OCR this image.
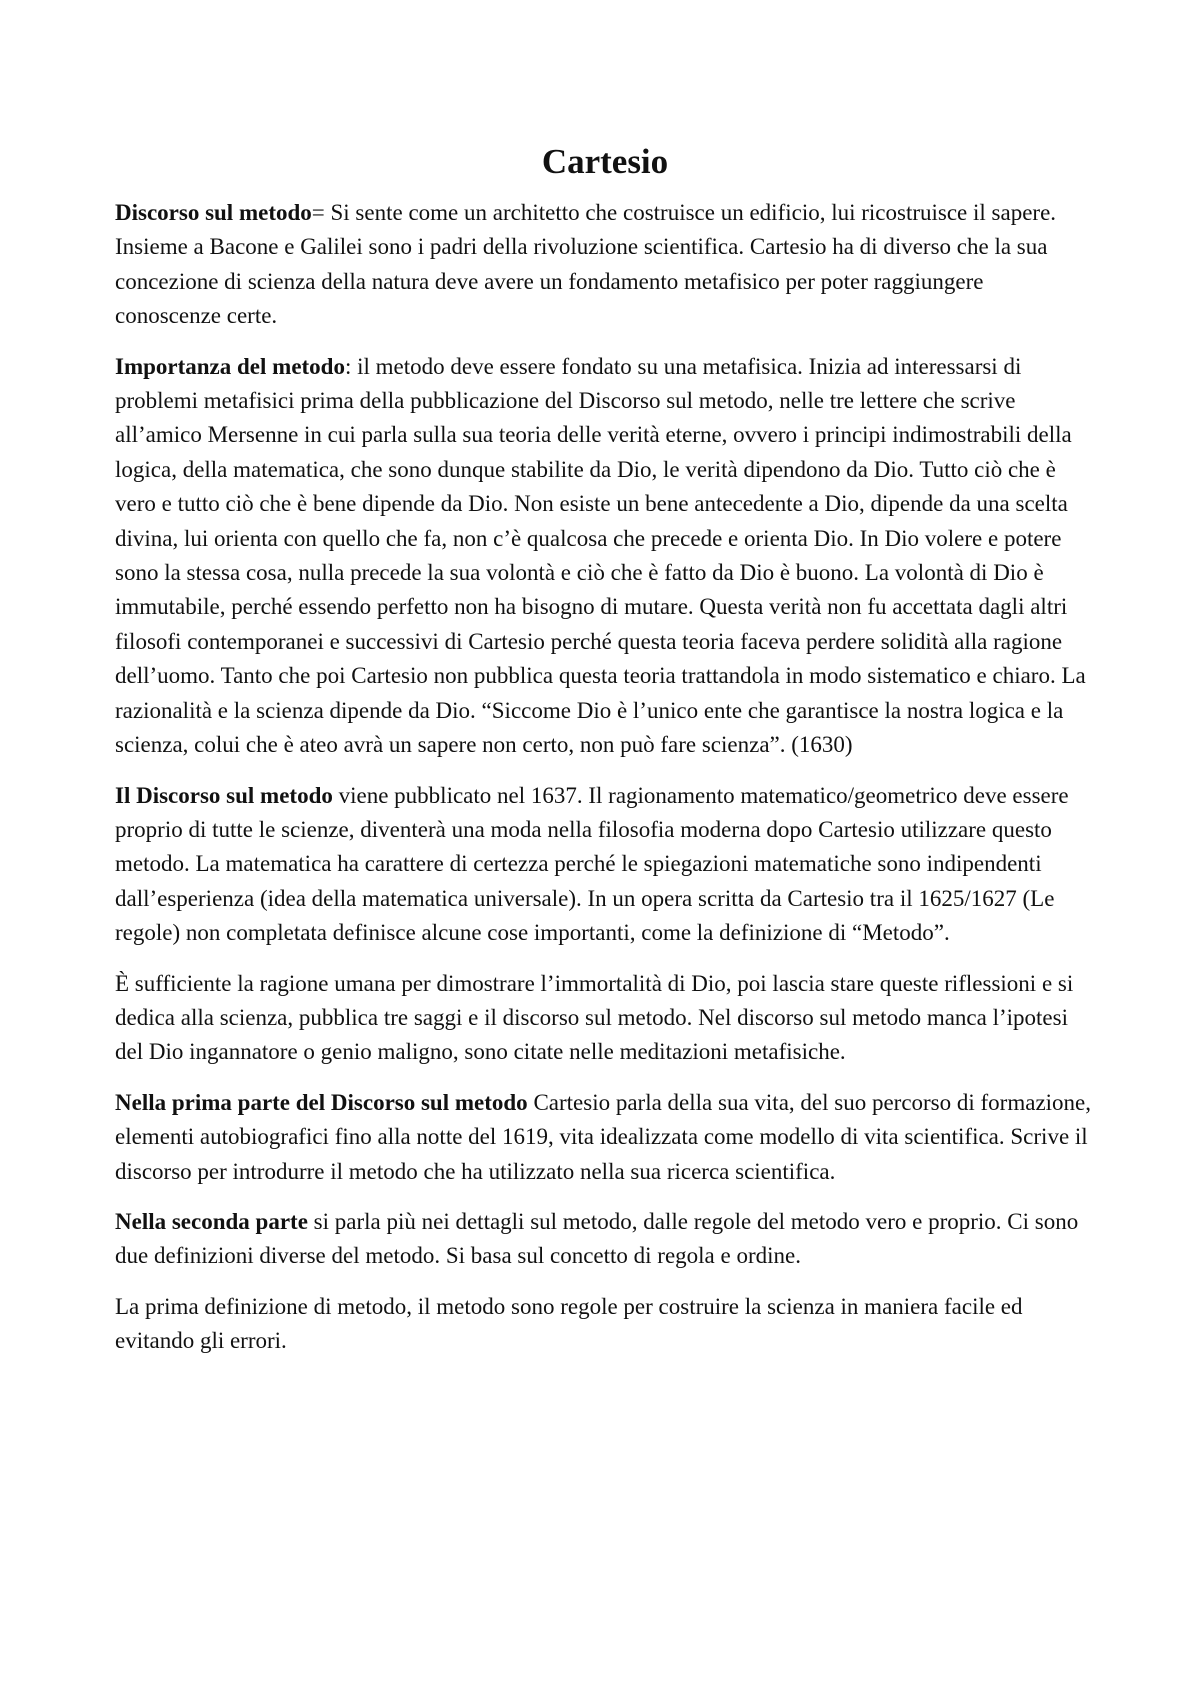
Cartesio

Discorso sul metodo= Si sente come un architetto che costruisce un edificio, lui ricostruisce il sapere. Insieme a Bacone e Galilei sono i padri della rivoluzione scientifica. Cartesio ha di diverso che la sua concezione di scienza della natura deve avere un fondamento metafisico per poter raggiungere conoscenze certe.

Importanza del metodo: il metodo deve essere fondato su una metafisica. Inizia ad interessarsi di problemi metafisici prima della pubblicazione del Discorso sul metodo, nelle tre lettere che scrive all’amico Mersenne in cui parla sulla sua teoria delle verità eterne, ovvero i principi indimostrabili della logica, della matematica, che sono dunque stabilite da Dio, le verità dipendono da Dio. Tutto ciò che è vero e tutto ciò che è bene dipende da Dio. Non esiste un bene antecedente a Dio, dipende da una scelta divina, lui orienta con quello che fa, non c’è qualcosa che precede e orienta Dio. In Dio volere e potere sono la stessa cosa, nulla precede la sua volontà e ciò che è fatto da Dio è buono. La volontà di Dio è immutabile, perché essendo perfetto non ha bisogno di mutare. Questa verità non fu accettata dagli altri filosofi contemporanei e successivi di Cartesio perché questa teoria faceva perdere solidità alla ragione dell’uomo. Tanto che poi Cartesio non pubblica questa teoria trattandola in modo sistematico e chiaro. La razionalità e la scienza dipende da Dio. “Siccome Dio è l’unico ente che garantisce la nostra logica e la scienza, colui che è ateo avrà un sapere non certo, non può fare scienza”. (1630)

Il Discorso sul metodo viene pubblicato nel 1637. Il ragionamento matematico/geometrico deve essere proprio di tutte le scienze, diventerà una moda nella filosofia moderna dopo Cartesio utilizzare questo metodo. La matematica ha carattere di certezza perché le spiegazioni matematiche sono indipendenti dall’esperienza (idea della matematica universale). In un opera scritta da Cartesio tra il 1625/1627 (Le regole) non completata definisce alcune cose importanti, come la definizione di “Metodo”.

È sufficiente la ragione umana per dimostrare l’immortalità di Dio, poi lascia stare queste riflessioni e si dedica alla scienza, pubblica tre saggi e il discorso sul metodo. Nel discorso sul metodo manca l’ipotesi del Dio ingannatore o genio maligno, sono citate nelle meditazioni metafisiche.

Nella prima parte del Discorso sul metodo Cartesio parla della sua vita, del suo percorso di formazione, elementi autobiografici fino alla notte del 1619, vita idealizzata come modello di vita scientifica. Scrive il discorso per introdurre il metodo che ha utilizzato nella sua ricerca scientifica.

Nella seconda parte si parla più nei dettagli sul metodo, dalle regole del metodo vero e proprio. Ci sono due definizioni diverse del metodo. Si basa sul concetto di regola e ordine.

La prima definizione di metodo, il metodo sono regole per costruire la scienza in maniera facile ed evitando gli errori.
